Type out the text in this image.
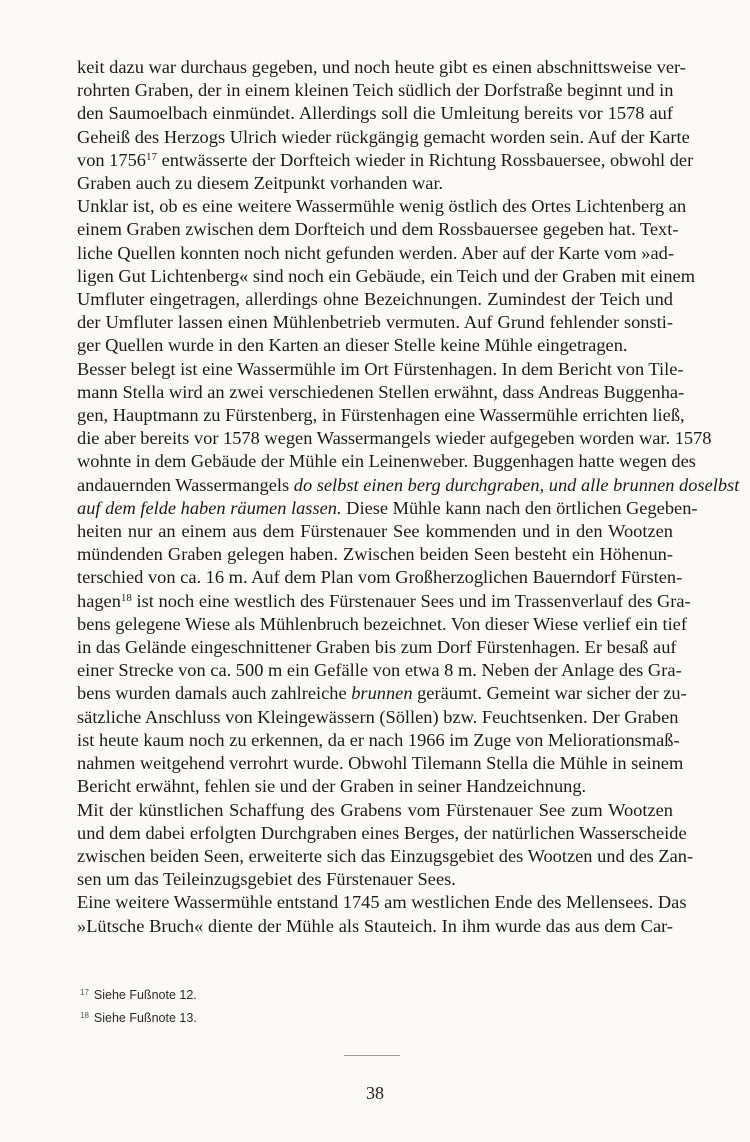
keit dazu war durchaus gegeben, und noch heute gibt es einen abschnittsweise ver-
rohrten Graben, der in einem kleinen Teich südlich der Dorfstraße beginnt und in
den Saumoelbach einmündet. Allerdings soll die Umleitung bereits vor 1578 auf
Geheiß des Herzogs Ulrich wieder rückgängig gemacht worden sein. Auf der Karte
von 1756$^{17}$ entwässerte der Dorfteich wieder in Richtung Rossbauersee, obwohl der
Graben auch zu diesem Zeitpunkt vorhanden war.
Unklar ist, ob es eine weitere Wassermühle wenig östlich des Ortes Lichtenberg an
einem Graben zwischen dem Dorfteich und dem Rossbauersee gegeben hat. Text-
liche Quellen konnten noch nicht gefunden werden. Aber auf der Karte vom »ad-
ligen Gut Lichtenberg« sind noch ein Gebäude, ein Teich und der Graben mit einem
Umfluter eingetragen, allerdings ohne Bezeichnungen. Zumindest der Teich und
der Umfluter lassen einen Mühlenbetrieb vermuten. Auf Grund fehlender sonsti-
ger Quellen wurde in den Karten an dieser Stelle keine Mühle eingetragen.
Besser belegt ist eine Wassermühle im Ort Fürstenhagen. In dem Bericht von Tile-
mann Stella wird an zwei verschiedenen Stellen erwähnt, dass Andreas Buggenha-
gen, Hauptmann zu Fürstenberg, in Fürstenhagen eine Wassermühle errichten ließ,
die aber bereits vor 1578 wegen Wassermangels wieder aufgegeben worden war. 1578
wohnte in dem Gebäude der Mühle ein Leinenweber. Buggenhagen hatte wegen des
andauernden Wassermangels do selbst einen berg durchgraben, und alle brunnen doselbst
auf dem felde haben räumen lassen. Diese Mühle kann nach den örtlichen Gegeben-
heiten nur an einem aus dem Fürstenauer See kommenden und in den Wootzen
mündenden Graben gelegen haben. Zwischen beiden Seen besteht ein Höhenun-
terschied von ca. 16 m. Auf dem Plan vom Großherzoglichen Bauerndorf Fürsten-
hagen$^{18}$ ist noch eine westlich des Fürstenauer Sees und im Trassenverlauf des Gra-
bens gelegene Wiese als Mühlenbruch bezeichnet. Von dieser Wiese verlief ein tief
in das Gelände eingeschnittener Graben bis zum Dorf Fürstenhagen. Er besaß auf
einer Strecke von ca. 500 m ein Gefälle von etwa 8 m. Neben der Anlage des Gra-
bens wurden damals auch zahlreiche brunnen geräumt. Gemeint war sicher der zu-
sätzliche Anschluss von Kleingewässern (Söllen) bzw. Feuchtsenken. Der Graben
ist heute kaum noch zu erkennen, da er nach 1966 im Zuge von Meliorationsmaß-
nahmen weitgehend verrohrt wurde. Obwohl Tilemann Stella die Mühle in seinem
Bericht erwähnt, fehlen sie und der Graben in seiner Handzeichnung.
Mit der künstlichen Schaffung des Grabens vom Fürstenauer See zum Wootzen
und dem dabei erfolgten Durchgraben eines Berges, der natürlichen Wasserscheide
zwischen beiden Seen, erweiterte sich das Einzugsgebiet des Wootzen und des Zan-
sen um das Teileinzugsgebiet des Fürstenauer Sees.
Eine weitere Wassermühle entstand 1745 am westlichen Ende des Mellensees. Das
»Lütsche Bruch« diente der Mühle als Stauteich. In ihm wurde das aus dem Car-
$^{17}$ Siehe Fußnote 12.
$^{18}$ Siehe Fußnote 13.
38
